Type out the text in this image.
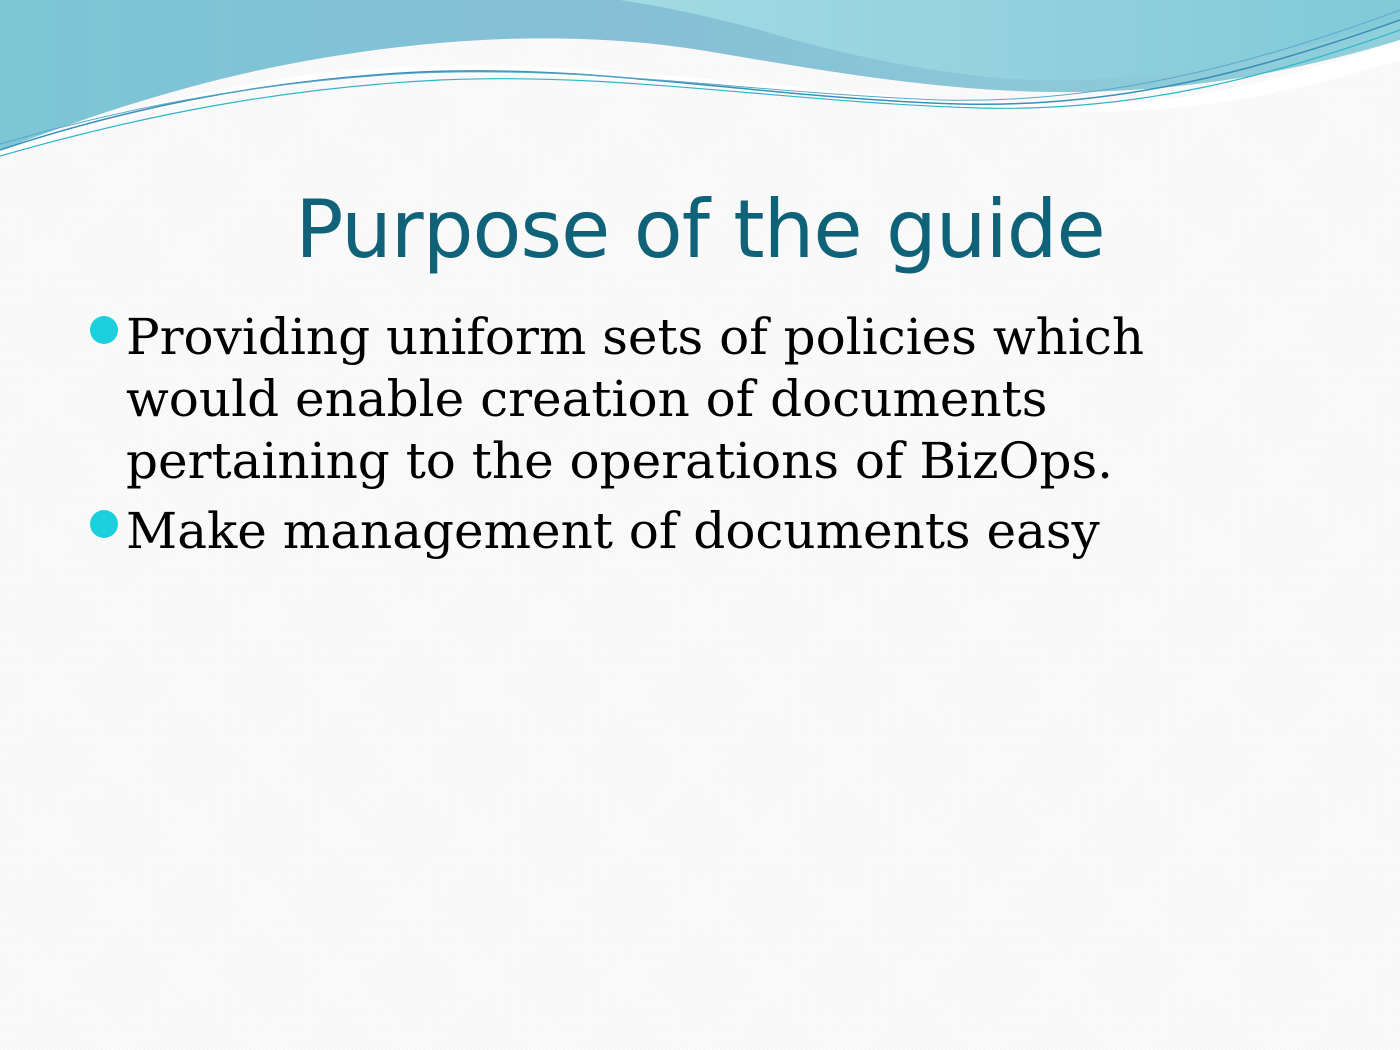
Purpose of the guide
Providing uniform sets of policies which would enable creation of documents pertaining to the operations of BizOps.
Make management of documents easy
